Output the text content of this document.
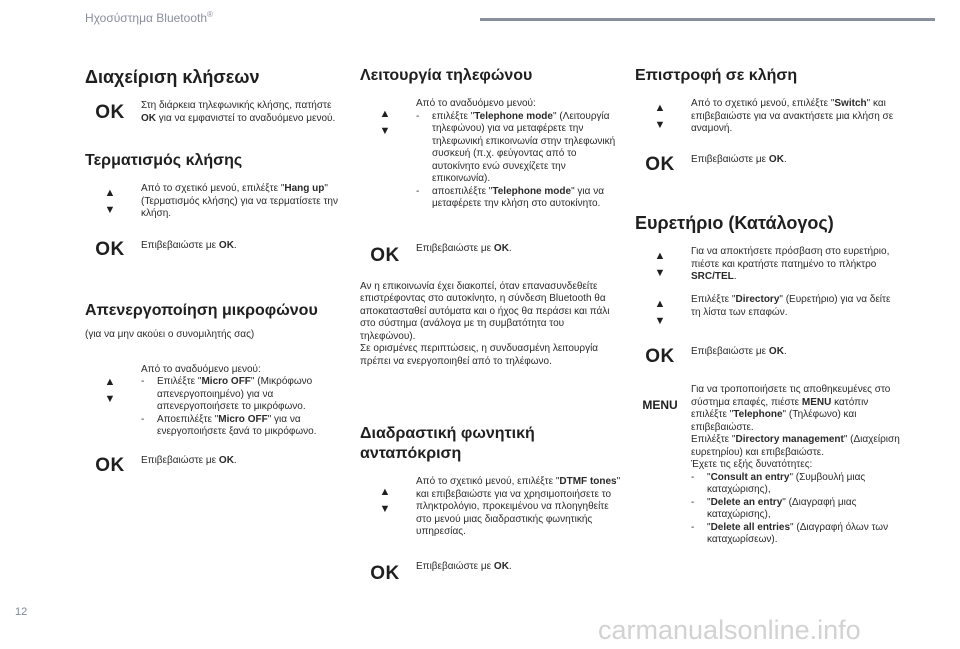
Ηχοσύστημα Bluetooth®
Διαχείριση κλήσεων
OK	Στη διάρκεια τηλεφωνικής κλήσης, πατήστε OK για να εμφανιστεί το αναδυόμενο μενού.
Τερματισμός κλήσης
▲
▼
Από το σχετικό μενού, επιλέξτε "Hang up" (Τερματισμός κλήσης) για να τερματίσετε την κλήση.
OK	Επιβεβαιώστε με OK.
Απενεργοποίηση μικροφώνου
(για να μην ακούει ο συνομιλητής σας)
▲
▼
Από το αναδυόμενο μενού:
- Επιλέξτε "Micro OFF" (Μικρόφωνο απενεργοποιημένο) για να απενεργοποιήσετε το μικρόφωνο.
- Αποεπιλέξτε "Micro OFF" για να ενεργοποιήσετε ξανά το μικρόφωνο.
OK	Επιβεβαιώστε με OK.
Λειτουργία τηλεφώνου
▲
▼
Από το αναδυόμενο μενού:
- επιλέξτε "Telephone mode" (Λειτουργία τηλεφώνου) για να μεταφέρετε την τηλεφωνική επικοινωνία στην τηλεφωνική συσκευή (π.χ. φεύγοντας από το αυτοκίνητο ενώ συνεχίζετε την επικοινωνία).
- αποεπιλέξτε "Telephone mode" για να μεταφέρετε την κλήση στο αυτοκίνητο.
OK	Επιβεβαιώστε με OK.
Αν η επικοινωνία έχει διακοπεί, όταν επανασυνδεθείτε επιστρέφοντας στο αυτοκίνητο, η σύνδεση Bluetooth θα αποκατασταθεί αυτόματα και ο ήχος θα περάσει και πάλι στο σύστημα (ανάλογα με τη συμβατότητα του τηλεφώνου).
Σε ορισμένες περιπτώσεις, η συνδυασμένη λειτουργία πρέπει να ενεργοποιηθεί από το τηλέφωνο.
Διαδραστική φωνητική ανταπόκριση
▲
▼
Από το σχετικό μενού, επιλέξτε "DTMF tones" και επιβεβαιώστε για να χρησιμοποιήσετε το πληκτρολόγιο, προκειμένου να πλοηγηθείτε στο μενού μιας διαδραστικής φωνητικής υπηρεσίας.
OK	Επιβεβαιώστε με OK.
Επιστροφή σε κλήση
▲
▼
Από το σχετικό μενού, επιλέξτε "Switch" και επιβεβαιώστε για να ανακτήσετε μια κλήση σε αναμονή.
OK	Επιβεβαιώστε με OK.
Ευρετήριο (Κατάλογος)
▲
▼
Για να αποκτήσετε πρόσβαση στο ευρετήριο, πιέστε και κρατήστε πατημένο το πλήκτρο SRC/TEL.
▲
▼
Επιλέξτε "Directory" (Ευρετήριο) για να δείτε τη λίστα των επαφών.
OK	Επιβεβαιώστε με OK.
MENU
Για να τροποποιήσετε τις αποθηκευμένες στο σύστημα επαφές, πιέστε MENU κατόπιν επιλέξτε "Telephone" (Τηλέφωνο) και επιβεβαιώστε.
Επιλέξτε "Directory management" (Διαχείριση ευρετηρίου) και επιβεβαιώστε.
Έχετε τις εξής δυνατότητες:
- "Consult an entry" (Συμβουλή μιας καταχώρισης),
- "Delete an entry" (Διαγραφή μιας καταχώρισης),
- "Delete all entries" (Διαγραφή όλων των καταχωρίσεων).
12
carmanualsonline.info
